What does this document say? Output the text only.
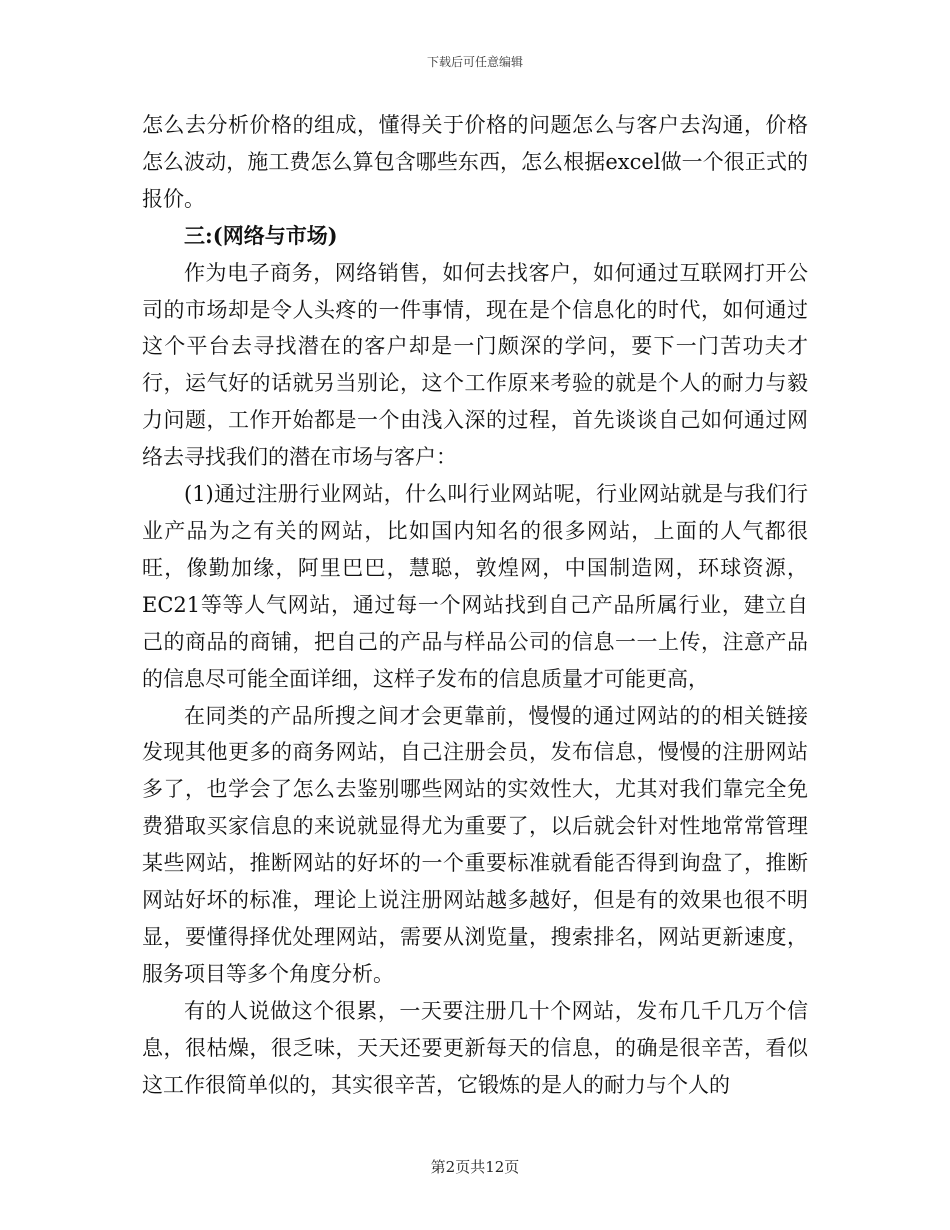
下载后可任意编辑

怎么去分析价格的组成，懂得关于价格的问题怎么与客户去沟通，价格怎么波动，施工费怎么算包含哪些东西，怎么根据excel做一个很正式的报价。

三:(网络与市场)

作为电子商务，网络销售，如何去找客户，如何通过互联网打开公司的市场却是令人头疼的一件事情，现在是个信息化的时代，如何通过这个平台去寻找潜在的客户却是一门颇深的学问，要下一门苦功夫才行，运气好的话就另当别论，这个工作原来考验的就是个人的耐力与毅力问题，工作开始都是一个由浅入深的过程，首先谈谈自己如何通过网络去寻找我们的潜在市场与客户：

(1)通过注册行业网站，什么叫行业网站呢，行业网站就是与我们行业产品为之有关的网站，比如国内知名的很多网站，上面的人气都很旺，像勤加缘，阿里巴巴，慧聪，敦煌网，中国制造网，环球资源，EC21等等人气网站，通过每一个网站找到自己产品所属行业，建立自己的商品的商铺，把自己的产品与样品公司的信息一一上传，注意产品的信息尽可能全面详细，这样子发布的信息质量才可能更高，

在同类的产品所搜之间才会更靠前，慢慢的通过网站的的相关链接发现其他更多的商务网站，自己注册会员，发布信息，慢慢的注册网站多了，也学会了怎么去鉴别哪些网站的实效性大，尤其对我们靠完全免费猎取买家信息的来说就显得尤为重要了，以后就会针对性地常常管理某些网站，推断网站的好坏的一个重要标准就看能否得到询盘了，推断网站好坏的标准，理论上说注册网站越多越好，但是有的效果也很不明显，要懂得择优处理网站，需要从浏览量，搜索排名，网站更新速度，服务项目等多个角度分析。

有的人说做这个很累，一天要注册几十个网站，发布几千几万个信息，很枯燥，很乏味，天天还要更新每天的信息，的确是很辛苦，看似这工作很简单似的，其实很辛苦，它锻炼的是人的耐力与个人的

第2页共12页
